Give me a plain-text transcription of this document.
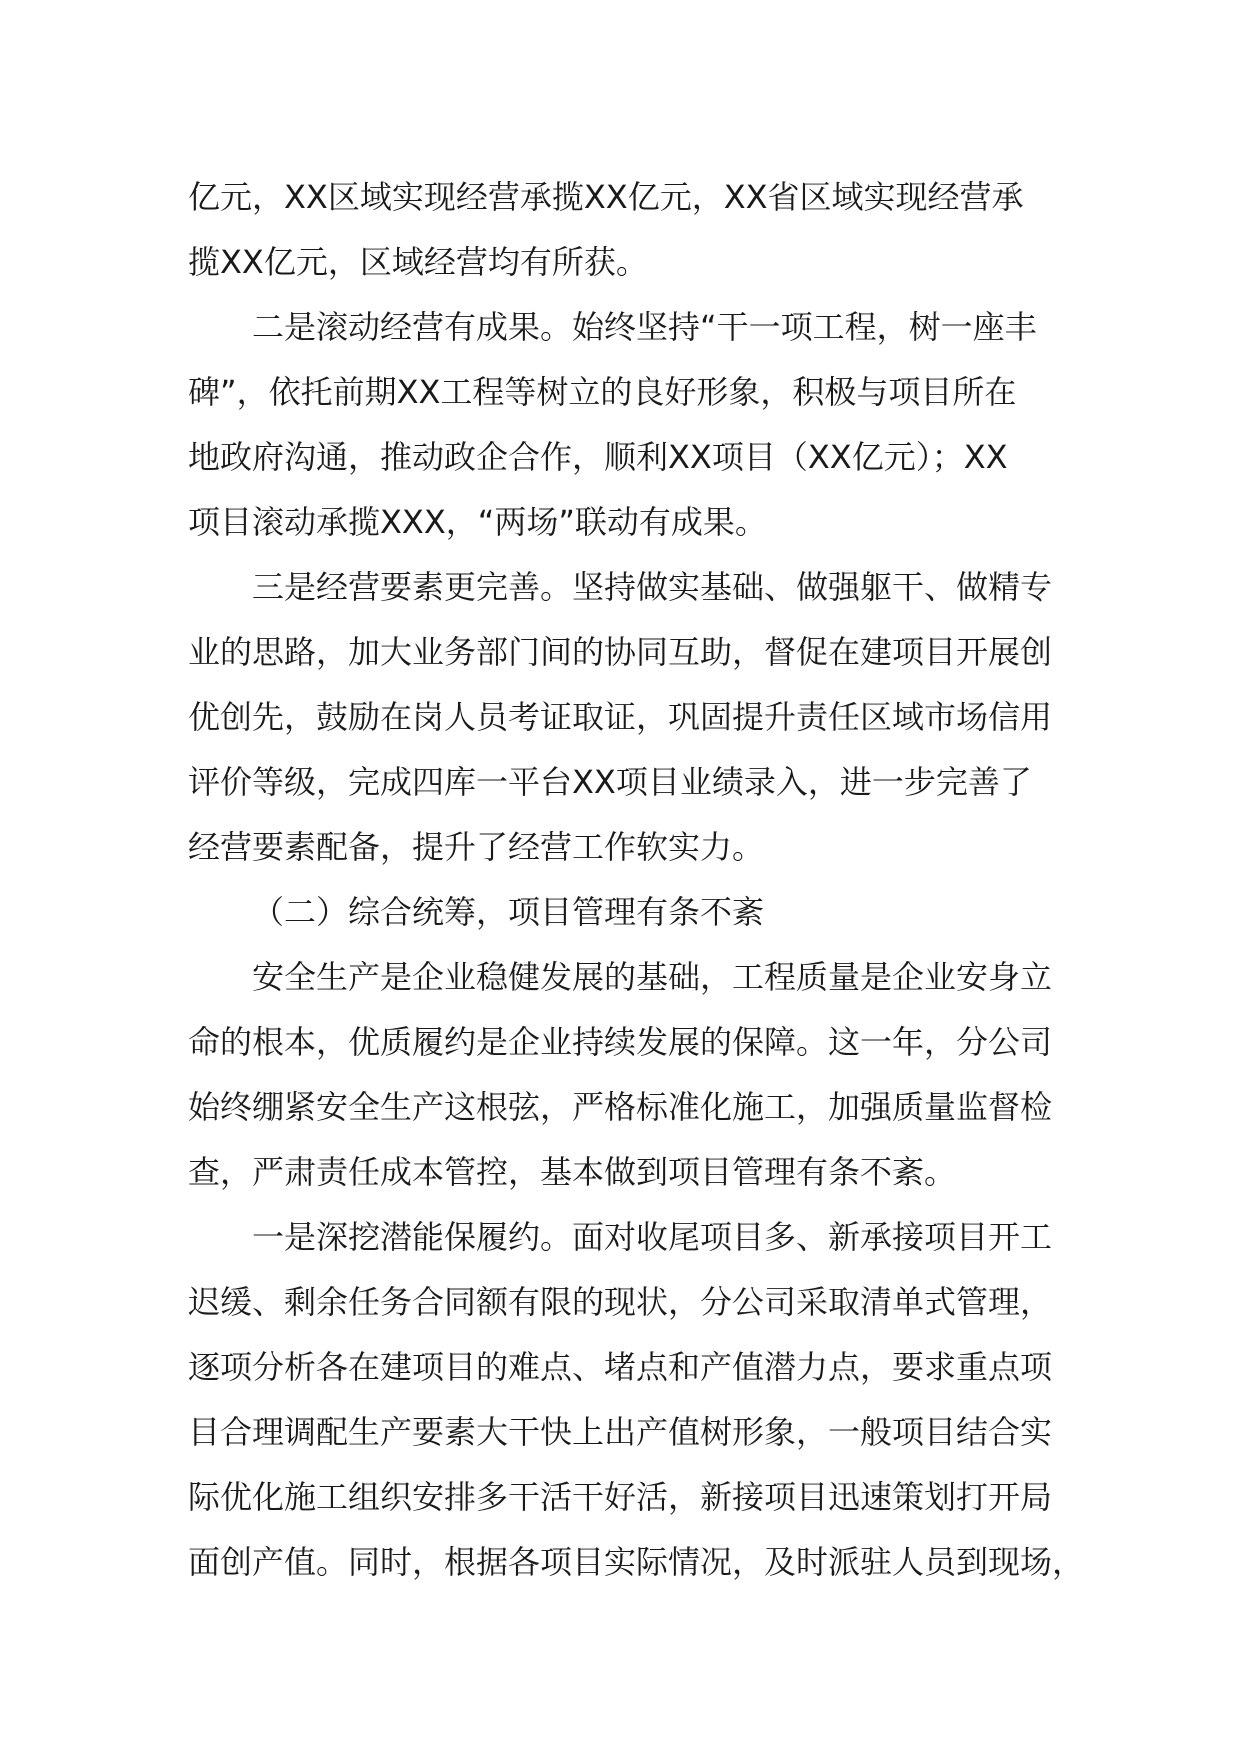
亿元，XX区域实现经营承揽XX亿元，XX省区域实现经营承
揽XX亿元，区域经营均有所获。
二是滚动经营有成果。始终坚持“干一项工程，树一座丰
碑”，依托前期XX工程等树立的良好形象，积极与项目所在
地政府沟通，推动政企合作，顺利XX项目（XX亿元）；XX
项目滚动承揽XXX，“两场”联动有成果。
三是经营要素更完善。坚持做实基础、做强躯干、做精专
业的思路，加大业务部门间的协同互助，督促在建项目开展创
优创先，鼓励在岗人员考证取证，巩固提升责任区域市场信用
评价等级，完成四库一平台XX项目业绩录入，进一步完善了
经营要素配备，提升了经营工作软实力。
（二）综合统筹，项目管理有条不紊
安全生产是企业稳健发展的基础，工程质量是企业安身立
命的根本，优质履约是企业持续发展的保障。这一年，分公司
始终绷紧安全生产这根弦，严格标准化施工，加强质量监督检
查，严肃责任成本管控，基本做到项目管理有条不紊。
一是深挖潜能保履约。面对收尾项目多、新承接项目开工
迟缓、剩余任务合同额有限的现状，分公司采取清单式管理，
逐项分析各在建项目的难点、堵点和产值潜力点，要求重点项
目合理调配生产要素大干快上出产值树形象，一般项目结合实
际优化施工组织安排多干活干好活，新接项目迅速策划打开局
面创产值。同时，根据各项目实际情况，及时派驻人员到现场，
